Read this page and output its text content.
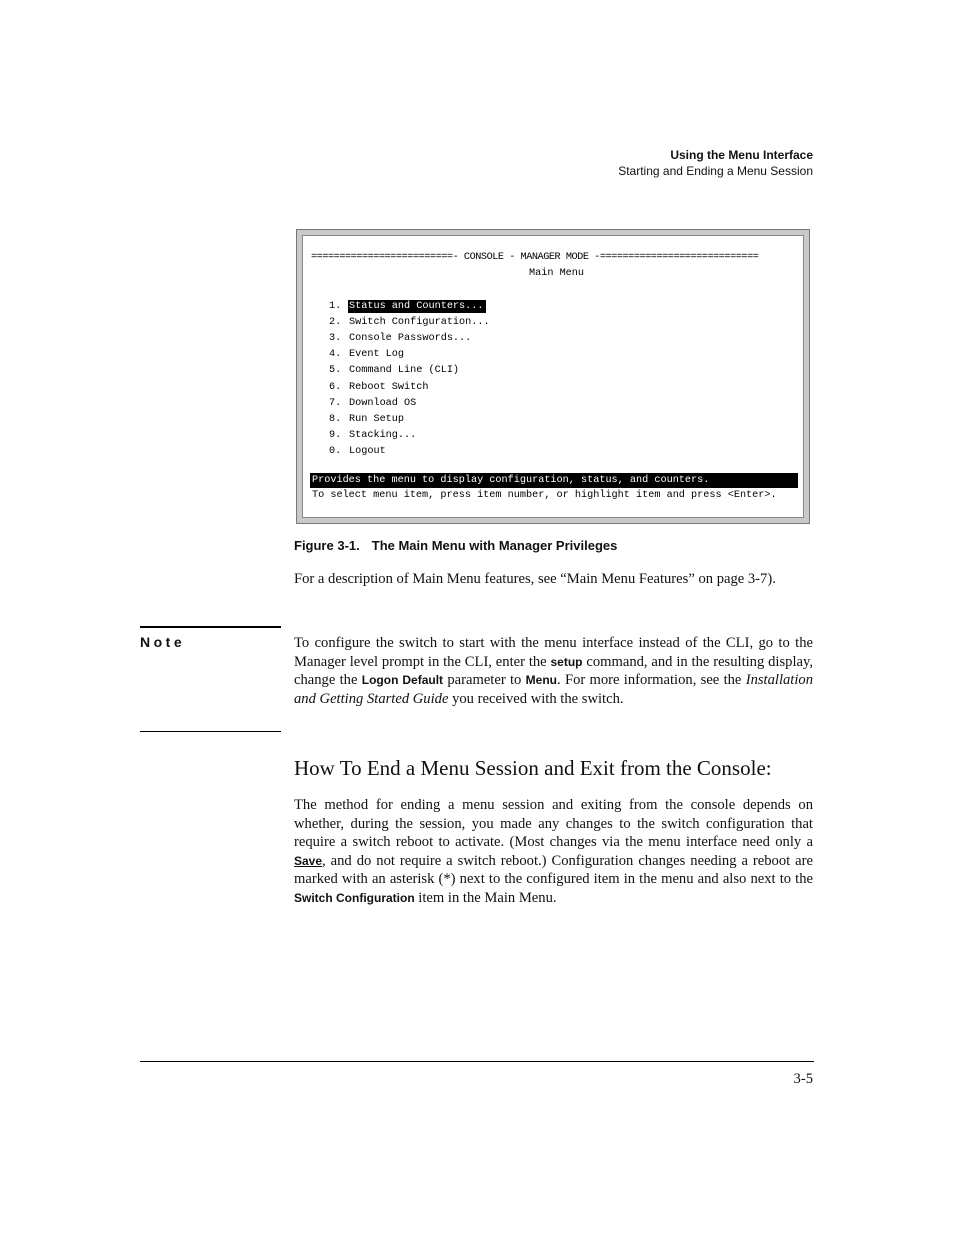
Using the Menu Interface
Starting and Ending a Menu Session
=========================- CONSOLE - MANAGER MODE -============================
Main Menu
1. Status and Counters...
2. Switch Configuration...
3. Console Passwords...
4. Event Log
5. Command Line (CLI)
6. Reboot Switch
7. Download OS
8. Run Setup
9. Stacking...
0. Logout
Provides the menu to display configuration, status, and counters.
To select menu item, press item number, or highlight item and press <Enter>.
Figure 3-1. The Main Menu with Manager Privileges
For a description of Main Menu features, see “Main Menu Features” on page 3-7).
Note	To configure the switch to start with the menu interface instead of the CLI, go to the Manager level prompt in the CLI, enter the setup command, and in the resulting display, change the Logon Default parameter to Menu. For more information, see the Installation and Getting Started Guide you received with the switch.
How To End a Menu Session and Exit from the Console:
The method for ending a menu session and exiting from the console depends on whether, during the session, you made any changes to the switch configuration that require a switch reboot to activate. (Most changes via the menu interface need only a Save, and do not require a switch reboot.) Configuration changes needing a reboot are marked with an asterisk (*) next to the configured item in the menu and also next to the Switch Configuration item in the Main Menu.
3-5
